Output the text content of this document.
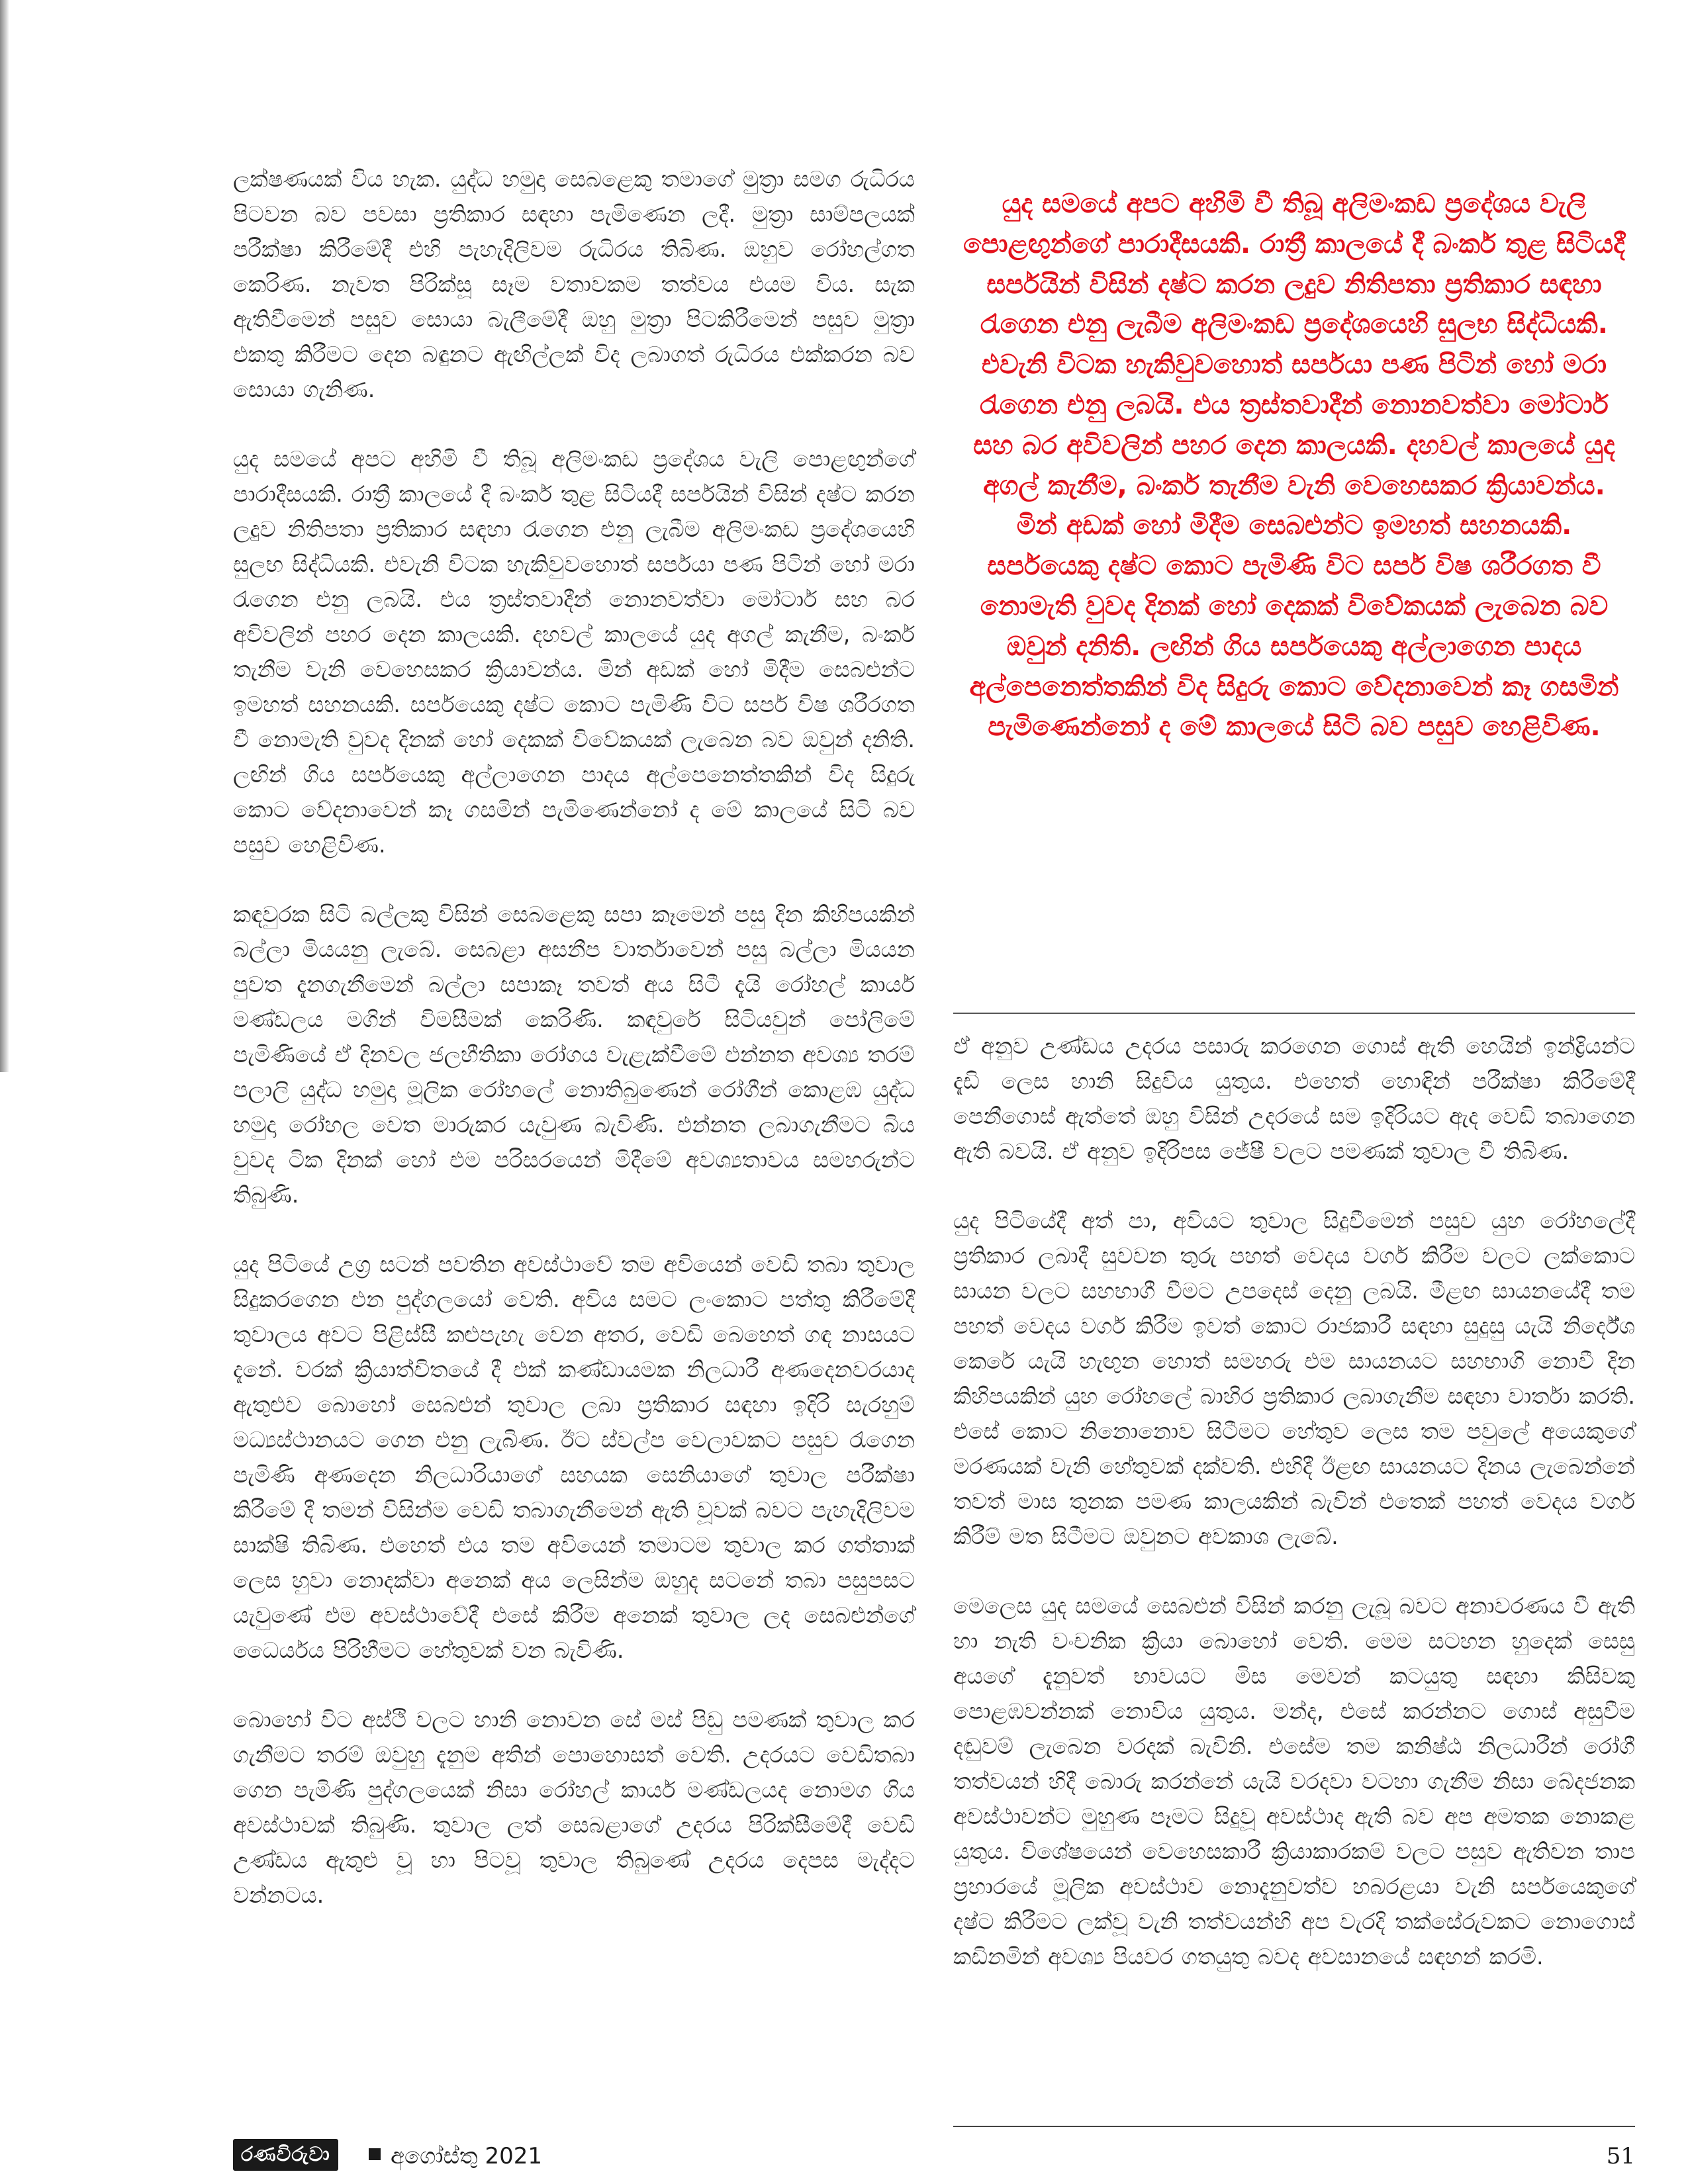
ලක්ෂණයක් විය හැක. යුද්ධ හමුදා සෙබළෙකු තමාගේ මුත්‍රා සමග රුධිරය පිටවන බව පවසා ප්‍රතිකාර සඳහා පැමිණෙන ලදී. මුත්‍රා සාම්පලයක් පරීක්ෂා කිරීමේදී එහි පැහැදිලිවම රුධිරය තිබිණ. ඔහුව රෝහල්ගත කෙරිණ. නැවත පිරික්සූ සෑම වතාවකම තත්වය එයම විය. සැක ඇතිවීමෙන් පසුව සොයා බැලීමේදී ඔහු මුත්‍රා පිටකිරීමෙන් පසුව මුත්‍රා එකතු කිරීමට දෙන බඳුනට ඇඟිල්ලක් විද ලබාගත් රුධිරය එක්කරන බව සොයා ගැනිණ.

යුද සමයේ අපට අහිමි වී තිබූ අලිමංකඩ ප්‍රදේශය වැලි පොළඟුන්ගේ පාරාදීසයකි. රාත්‍රී කාලයේ දී බංකර් තුළ සිටියදී සර්පයින් විසින් දෂ්ට කරන ලදුව නිතිපතා ප්‍රතිකාර සඳහා රැගෙන එනු ලැබීම අලිමංකඩ ප්‍රදේශයෙහි සුලභ සිද්ධියකි. එවැනි විටක හැකිවුවහොත් සර්පයා පණ පිටින් හෝ මරා රැගෙන එනු ලබයි. එය ත්‍රස්තවාදීන් නොනවත්වා මෝටාර් සහ බර අවිවලින් පහර දෙන කාලයකි. දහවල් කාලයේ යුද අගල් කැනීම, බංකර් තැනීම වැනි වෙහෙසකර ක්‍රියාවන්ය. මින් අඩක් හෝ මිදීම සෙබළුන්ට ඉමහත් සහනයකි. සර්පයෙකු දෂ්ට කොට පැමිණි විට සර්ප විෂ ශරීරගත වී නොමැති වුවද දිනක් හෝ දෙකක් විවේකයක් ලැබෙන බව ඔවුන් දනිති. ලඟින් ගිය සර්පයෙකු අල්ලාගෙන පාදය අල්පෙනෙත්තකින් විද සිදුරු කොට වේදනාවෙන් කෑ ගසමින් පැමිණෙන්නෝ ද මේ කාලයේ සිටි බව පසුව හෙළිවිණ.

කඳවුරක සිටි බල්ලකු විසින් සෙබළෙකු සපා කෑමෙන් පසු දින කිහිපයකින් බල්ලා මියයනු ලැබේ. සෙබළා අසනීප වාර්තාවෙන් පසු බල්ලා මියයන පුවත දැනගැනීමෙන් බල්ලා සපාකෑ තවත් අය සිටී දැයි රෝහල් කාර්ය මණ්ඩලය මගින් විමසීමක් කෙරිණි. කඳවුරේ සිටියවුන් පෝලිමේ පැමිණියේ ඒ දිනවල ජලභීතිකා රෝගය වැළැක්වීමේ එන්නත අවශ්‍ය තරම් පලාලි යුද්ධ හමුදා මූලික රෝහලේ නොතිබුණෙන් රෝගීන් කොළඹ යුද්ධ හමුදා රෝහල වෙත මාරුකර යැවුණ බැවිණි. එන්නත ලබාගැනීමට බිය වුවද ටික දිනක් හෝ එම පරිසරයෙන් මිදීමේ අවශ්‍යතාවය සමහරුන්ට තිබුණි.

යුද පිටියේ උග්‍ර සටන් පවතින අවස්ථාවේ තම අවියෙන් වෙඩි තබා තුවාල සිදුකරගෙන එන පුද්ගලයෝ වෙති. අවිය සමට ලංකොට පත්තු කිරීමේදී තුවාලය අවට පිළිස්සී කළුපැහැ වෙන අතර, වෙඩි බෙහෙත් ගඳ නාසයට දැනේ. වරක් ක්‍රියාත්විතයේ දී එක් කණ්ඩායමක නිලධාරී අණදෙනවරයාද ඇතුළුව බොහෝ සෙබළුන් තුවාල ලබා ප්‍රතිකාර සඳහා ඉදිරි සැරහුම් මධ්‍යස්ථානයට ගෙන එනු ලැබිණ. ඊට ස්වල්ප වෙලාවකට පසුව රැගෙන පැමිණි අණදෙන නිලධාරියාගේ සහයක සෙනියාගේ තුවාල පරීක්ෂා කිරීමේ දී තමන් විසින්ම වෙඩි තබාගැනීමෙන් ඇති වූවක් බවට පැහැදිලිවම සාක්ෂි තිබිණ. එහෙත් එය තම අවියෙන් තමාටම තුවාල කර ගත්තාක් ලෙස හුවා නොදක්වා අනෙක් අය ලෙසින්ම ඔහුද සටනේ තබා පසුපසට යැවුණේ එම අවස්ථාවේදී එසේ කිරීම අනෙක් තුවාල ලද සෙබළුන්ගේ ධෛර්යය පිරිහීමට හේතුවක් වන බැවිණි.

බොහෝ විට අස්ථි වලට හානි නොවන සේ මස් පිඩු පමණක් තුවාල කර ගැනීමට තරම් ඔවුහු දැනුම අතින් පොහොසත් වෙති. උදරයට වෙඩිතබා ගෙන පැමිණි පුද්ගලයෙක් නිසා රෝහල් කාර්ය මණ්ඩලයද නොමග ගිය අවස්ථාවක් තිබුණි. තුවාල ලත් සෙබළාගේ උදරය පිරික්සීමේදී වෙඩි උණ්ඩය ඇතුළු වූ හා පිටවූ තුවාල තිබුණේ උදරය දෙපස මැද්දට වන්නටය.

යුද සමයේ අපට අහිමි වී තිබූ අලිමංකඩ ප්‍රදේශය වැලි පොළඟුන්ගේ පාරාදීසයකි. රාත්‍රී කාලයේ දී බංකර් තුළ සිටියදී සර්පයින් විසින් දෂ්ට කරන ලදුව නිතිපතා ප්‍රතිකාර සඳහා රැගෙන එනු ලැබීම අලිමංකඩ ප්‍රදේශයෙහි සුලභ සිද්ධියකි. එවැනි විටක හැකිවුවහොත් සර්පයා පණ පිටින් හෝ මරා රැගෙන එනු ලබයි. එය ත්‍රස්තවාදීන් නොනවත්වා මෝටාර් සහ බර අවිවලින් පහර දෙන කාලයකි. දහවල් කාලයේ යුද අගල් කැනීම, බංකර් තැනීම වැනි වෙහෙසකර ක්‍රියාවන්ය. මින් අඩක් හෝ මිදීම සෙබළුන්ට ඉමහත් සහනයකි. සර්පයෙකු දෂ්ට කොට පැමිණි විට සර්ප විෂ ශරීරගත වී නොමැති වුවද දිනක් හෝ දෙකක් විවේකයක් ලැබෙන බව ඔවුන් දනිති. ලඟින් ගිය සර්පයෙකු අල්ලාගෙන පාදය අල්පෙනෙත්තකින් විද සිදුරු කොට වේදනාවෙන් කෑ ගසමින් පැමිණෙන්නෝ ද මේ කාලයේ සිටි බව පසුව හෙළිවිණ.

ඒ අනුව උණ්ඩය උදරය පසාරු කරගෙන ගොස් ඇති හෙයින් ඉන්ද්‍රියන්ට දැඩි ලෙස හානි සිදුවිය යුතුය. එහෙත් හොඳින් පරීක්ෂා කිරීමේදී පෙනීගොස් ඇත්තේ ඔහු විසින් උදරයේ සම ඉදිරියට ඇද වෙඩි තබාගෙන ඇති බවයි. ඒ අනුව ඉදිරිපස ජේෂී වලට පමණක් තුවාල වී තිබිණ.

යුද පිටියේදී අත් පා, අවියට තුවාල සිදුවීමෙන් පසුව යුහ රෝහලේදී ප්‍රතිකාර ලබාදී සුවවන තුරු පහත් වෙදය වර්ග කිරීම වලට ලක්කොට සායන වලට සහභාගී වීමට උපදෙස් දෙනු ලබයි. මීළඟ සායනයේදී තම පහත් වෙදය වර්ග කිරීම ඉවත් කොට රාජකාරී සඳහා සුදුසු යැයි නිර්දේශ කෙරේ යැයි හැඟුන හොත් සමහරු එම සායනයට සහභාගි නොවී දින කිහිපයකින් යුහ රෝහලේ බාහිර ප්‍රතිකාර ලබාගැනීම සඳහා වාර්තා කරති. එසේ කොට නිනොනොව සිටීමට හේතුව ලෙස තම පවුලේ අයෙකුගේ මරණයක් වැනි හේතුවක් දක්වති. එහිදී ඊළඟ සායනයට දිනය ලැබෙන්නේ තවත් මාස තුනක පමණ කාලයකින් බැවින් එතෙක් පහත් වෙදය වර්ග කිරීම් මත සිටීමට ඔවුනට අවකාශ ලැබේ.

මෙලෙස යුද සමයේ සෙබළුන් විසින් කරනු ලැබූ බවට අනාවරණය වී ඇති හා නැති වංචනික ක්‍රියා බොහෝ වෙති. මෙම සටහන හුදෙක් සෙසු අයගේ දැනුවත් භාවයට මිස මෙවන් කටයුතු සඳහා කිසිවකු පොළඹවන්නක් නොවිය යුතුය. මන්ද, එසේ කරන්නට ගොස් අසුවීම දඬුවම් ලැබෙන වරදක් බැවිනි. එසේම තම කනිෂ්ඨ නිලධාරීන් රෝගී තත්වයන් හිදී බොරු කරන්නේ යැයි වරදවා වටහා ගැනීම නිසා බේදජනක අවස්ථාවන්ට මුහුණ පෑමට සිදුවූ අවස්ථාද ඇති බව අප අමතක නොකළ යුතුය. විශේෂයෙන් වෙහෙසකාරී ක්‍රියාකාරකම් වලට පසුව ඇතිවන තාප ප්‍රහාරයේ මූලික අවස්ථාව නොදැනුවත්ව හබරළයා වැනි සර්පයෙකුගේ දෂ්ට කිරීමට ලක්වූ වැනි තත්වයන්හි අප වැරදි තක්සේරුවකට නොගොස් කඩිනමින් අවශ්‍ය පියවර ගතයුතු බවද අවසානයේ සඳහන් කරමි.

රණවිරුවා	අගෝස්තු 2021	51
